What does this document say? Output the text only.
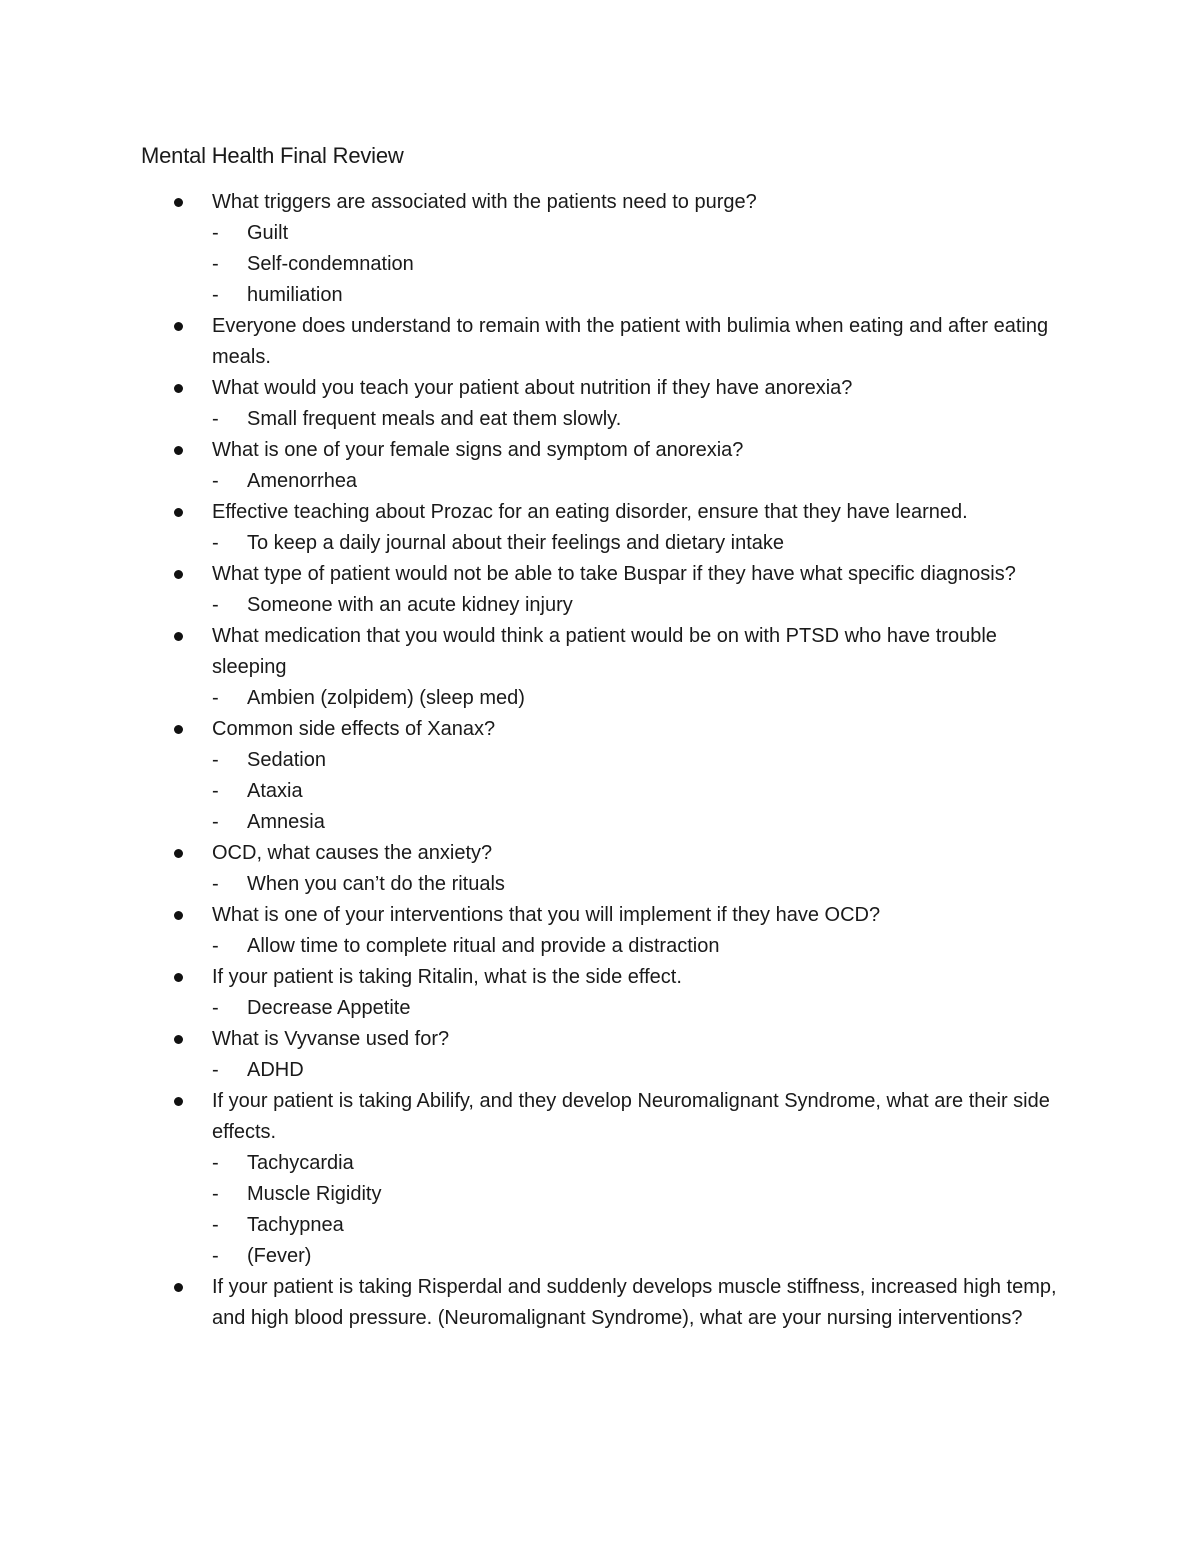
Mental Health Final Review
What triggers are associated with the patients need to purge?
- Guilt
- Self-condemnation
- humiliation
Everyone does understand to remain with the patient with bulimia when eating and after eating meals.
What would you teach your patient about nutrition if they have anorexia?
- Small frequent meals and eat them slowly.
What is one of your female signs and symptom of anorexia?
- Amenorrhea
Effective teaching about Prozac for an eating disorder, ensure that they have learned.
- To keep a daily journal about their feelings and dietary intake
What type of patient would not be able to take Buspar if they have what specific diagnosis?
- Someone with an acute kidney injury
What medication that you would think a patient would be on with PTSD who have trouble sleeping
- Ambien (zolpidem) (sleep med)
Common side effects of Xanax?
- Sedation
- Ataxia
- Amnesia
OCD, what causes the anxiety?
- When you can’t do the rituals
What is one of your interventions that you will implement if they have OCD?
- Allow time to complete ritual and provide a distraction
If your patient is taking Ritalin, what is the side effect.
- Decrease Appetite
What is Vyvanse used for?
- ADHD
If your patient is taking Abilify, and they develop Neuromalignant Syndrome, what are their side effects.
- Tachycardia
- Muscle Rigidity
- Tachypnea
- (Fever)
If your patient is taking Risperdal and suddenly develops muscle stiffness, increased high temp, and high blood pressure. (Neuromalignant Syndrome), what are your nursing interventions?
